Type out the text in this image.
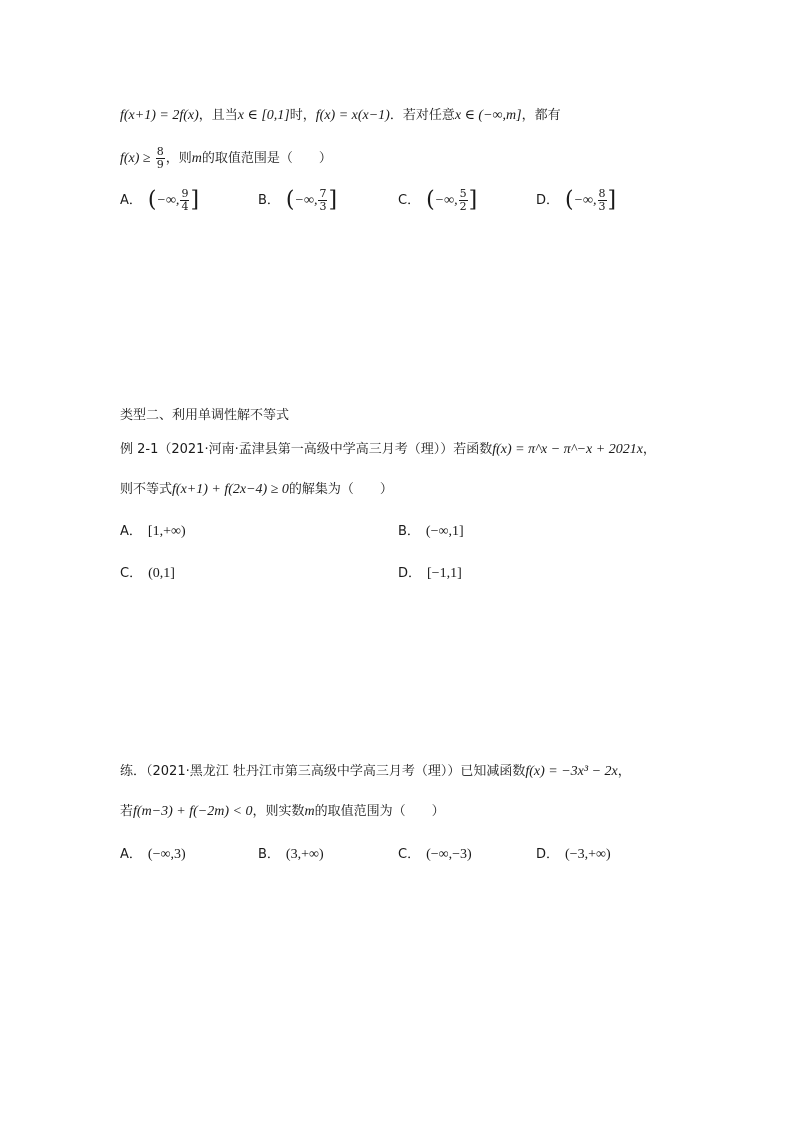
f(x+1) = 2f(x)，且当x ∈ [0,1]时，f(x) = x(x−1)．若对任意x ∈ (−∞,m]，都有
$f(x) \ge \frac{8}{9}$ ，则m的取值范围是（　　）
A． (−∞, $\frac{9}{4}$ ]	B． (−∞, $\frac{7}{3}$ ]	C． (−∞, $\frac{5}{2}$ ]	D． (−∞, $\frac{8}{3}$ ]
类型二、利用单调性解不等式
例 2-1（2021·河南·孟津县第一高级中学高三月考（理））若函数f(x) = π^x − π^−x + 2021x，
则不等式f(x+1) + f(2x−4) ≥ 0的解集为（　　）
A． [1,+∞)	B． (−∞,1]
C． (0,1]	D． [−1,1]
练．（2021·黑龙江 牡丹江市第三高级中学高三月考（理））已知减函数f(x) = −3x³ − 2x，
若f(m−3) + f(−2m) < 0，则实数m的取值范围为（　　）
A． (−∞,3)	B． (3,+∞)	C． (−∞,−3)	D． (−3,+∞)
